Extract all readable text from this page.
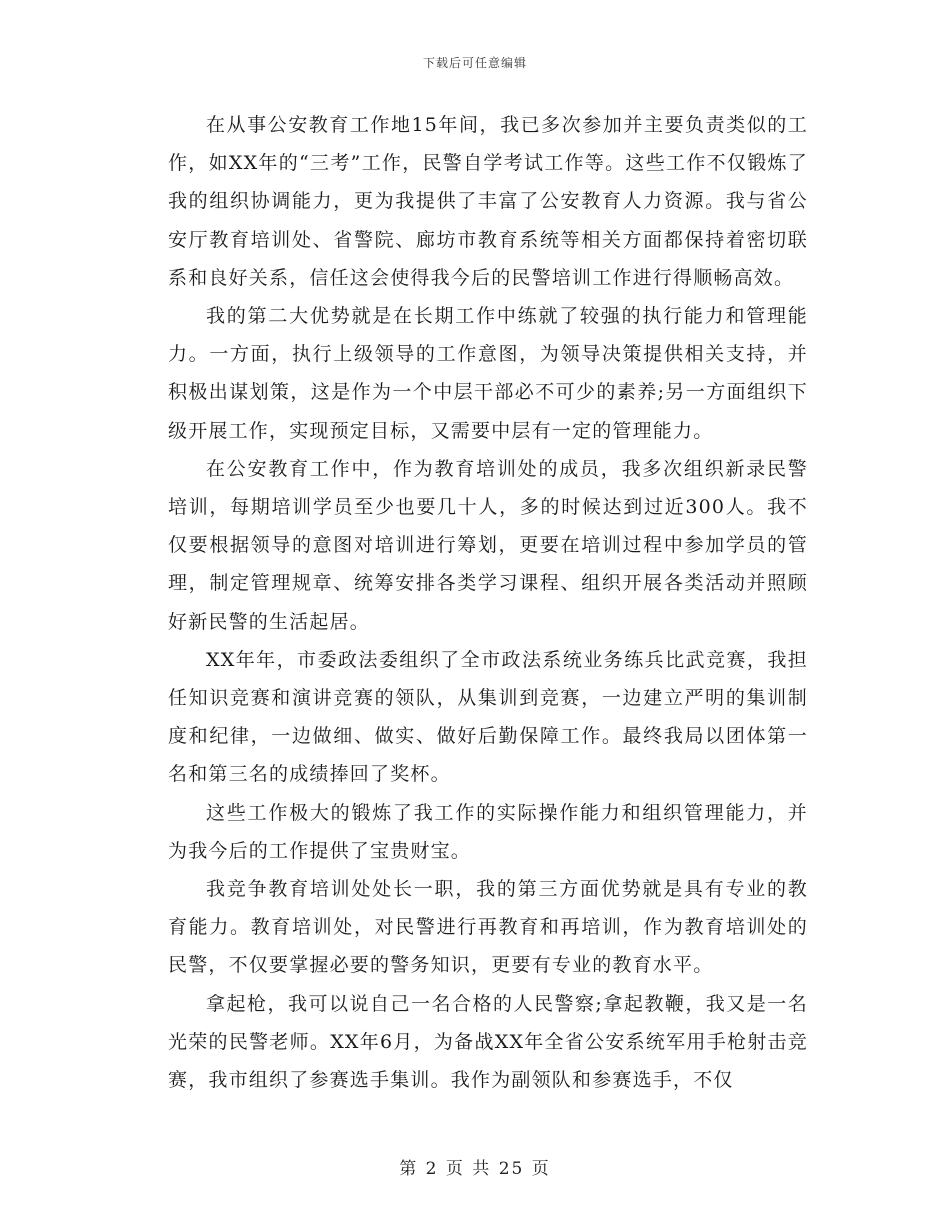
下载后可任意编辑

在从事公安教育工作地15年间，我已多次参加并主要负责类似的工作，如XX年的“三考”工作，民警自学考试工作等。这些工作不仅锻炼了我的组织协调能力，更为我提供了丰富了公安教育人力资源。我与省公安厅教育培训处、省警院、廊坊市教育系统等相关方面都保持着密切联系和良好关系，信任这会使得我今后的民警培训工作进行得顺畅高效。

我的第二大优势就是在长期工作中练就了较强的执行能力和管理能力。一方面，执行上级领导的工作意图，为领导决策提供相关支持，并积极出谋划策，这是作为一个中层干部必不可少的素养;另一方面组织下级开展工作，实现预定目标，又需要中层有一定的管理能力。

在公安教育工作中，作为教育培训处的成员，我多次组织新录民警培训，每期培训学员至少也要几十人，多的时候达到过近300人。我不仅要根据领导的意图对培训进行筹划，更要在培训过程中参加学员的管理，制定管理规章、统筹安排各类学习课程、组织开展各类活动并照顾好新民警的生活起居。

XX年年，市委政法委组织了全市政法系统业务练兵比武竞赛，我担任知识竞赛和演讲竞赛的领队，从集训到竞赛，一边建立严明的集训制度和纪律，一边做细、做实、做好后勤保障工作。最终我局以团体第一名和第三名的成绩捧回了奖杯。

这些工作极大的锻炼了我工作的实际操作能力和组织管理能力，并为我今后的工作提供了宝贵财宝。

我竞争教育培训处处长一职，我的第三方面优势就是具有专业的教育能力。教育培训处，对民警进行再教育和再培训，作为教育培训处的民警，不仅要掌握必要的警务知识，更要有专业的教育水平。

拿起枪，我可以说自己一名合格的人民警察;拿起教鞭，我又是一名光荣的民警老师。XX年6月，为备战XX年全省公安系统军用手枪射击竞赛，我市组织了参赛选手集训。我作为副领队和参赛选手，不仅

第 2 页 共 25 页
